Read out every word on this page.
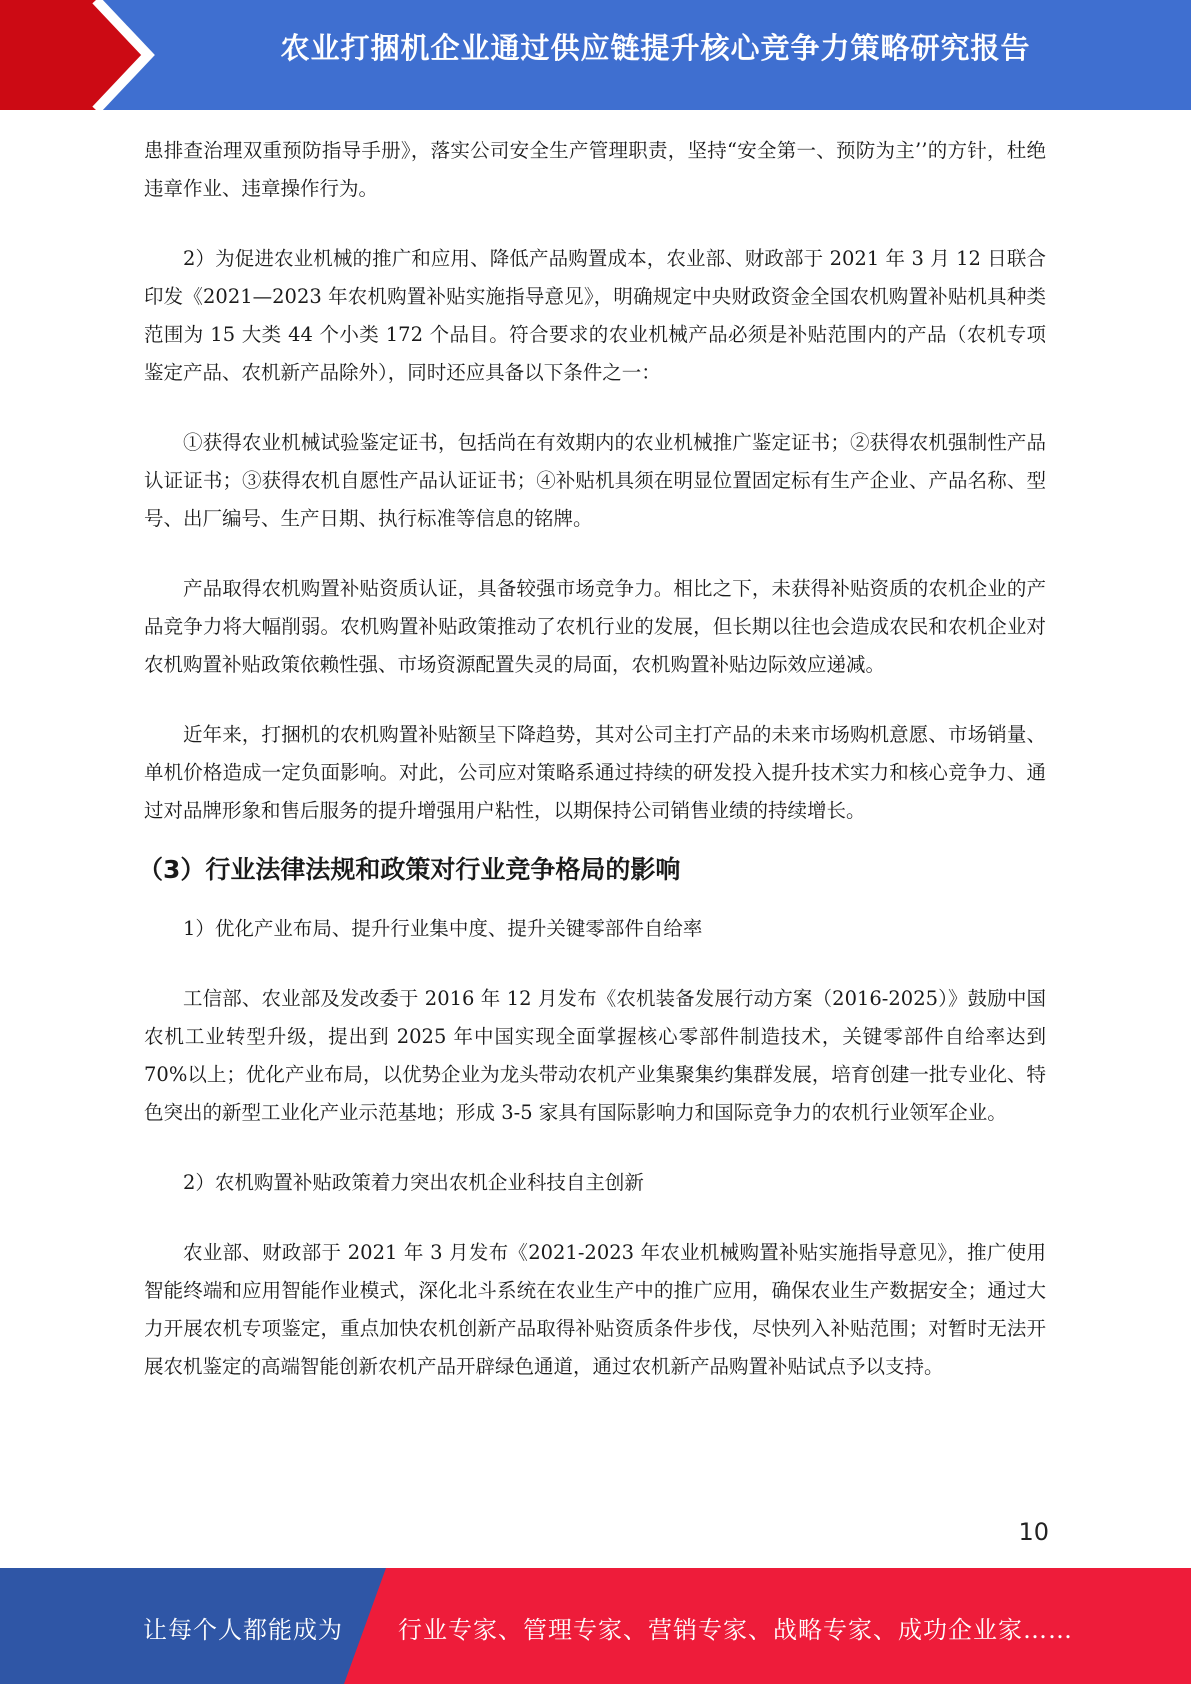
农业打捆机企业通过供应链提升核心竞争力策略研究报告

患排查治理双重预防指导手册》，落实公司安全生产管理职责，坚持“安全第一、预防为主’’的方针，杜绝违章作业、违章操作行为。

2）为促进农业机械的推广和应用、降低产品购置成本，农业部、财政部于 2021 年 3 月 12 日联合印发《2021—2023 年农机购置补贴实施指导意见》，明确规定中央财政资金全国农机购置补贴机具种类范围为 15 大类 44 个小类 172 个品目。符合要求的农业机械产品必须是补贴范围内的产品（农机专项鉴定产品、农机新产品除外），同时还应具备以下条件之一：

①获得农业机械试验鉴定证书，包括尚在有效期内的农业机械推广鉴定证书；②获得农机强制性产品认证证书；③获得农机自愿性产品认证证书；④补贴机具须在明显位置固定标有生产企业、产品名称、型号、出厂编号、生产日期、执行标准等信息的铭牌。

产品取得农机购置补贴资质认证，具备较强市场竞争力。相比之下，未获得补贴资质的农机企业的产品竞争力将大幅削弱。农机购置补贴政策推动了农机行业的发展，但长期以往也会造成农民和农机企业对农机购置补贴政策依赖性强、市场资源配置失灵的局面，农机购置补贴边际效应递减。

近年来，打捆机的农机购置补贴额呈下降趋势，其对公司主打产品的未来市场购机意愿、市场销量、单机价格造成一定负面影响。对此，公司应对策略系通过持续的研发投入提升技术实力和核心竞争力、通过对品牌形象和售后服务的提升增强用户粘性，以期保持公司销售业绩的持续增长。

（3）行业法律法规和政策对行业竞争格局的影响

1）优化产业布局、提升行业集中度、提升关键零部件自给率

工信部、农业部及发改委于 2016 年 12 月发布《农机装备发展行动方案（2016-2025）》鼓励中国农机工业转型升级，提出到 2025 年中国实现全面掌握核心零部件制造技术，关键零部件自给率达到 70%以上；优化产业布局，以优势企业为龙头带动农机产业集聚集约集群发展，培育创建一批专业化、特色突出的新型工业化产业示范基地；形成 3-5 家具有国际影响力和国际竞争力的农机行业领军企业。

2）农机购置补贴政策着力突出农机企业科技自主创新

农业部、财政部于 2021 年 3 月发布《2021-2023 年农业机械购置补贴实施指导意见》，推广使用智能终端和应用智能作业模式，深化北斗系统在农业生产中的推广应用，确保农业生产数据安全；通过大力开展农机专项鉴定，重点加快农机创新产品取得补贴资质条件步伐，尽快列入补贴范围；对暂时无法开展农机鉴定的高端智能创新农机产品开辟绿色通道，通过农机新产品购置补贴试点予以支持。

10
让每个人都能成为 行业专家、管理专家、营销专家、战略专家、成功企业家……
